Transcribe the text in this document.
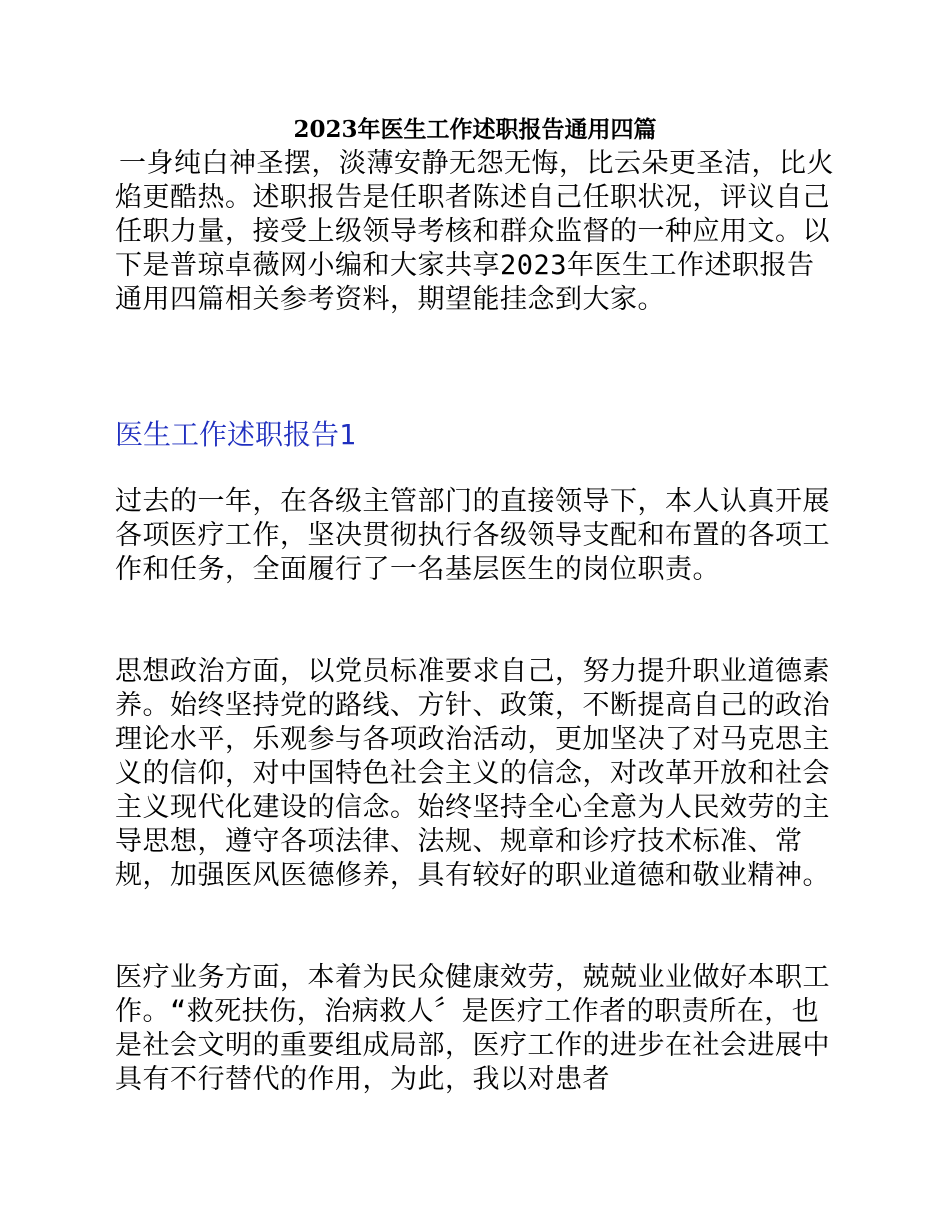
2023年医生工作述职报告通用四篇

一身纯白神圣摆，淡薄安静无怨无悔，比云朵更圣洁，比火焰更酷热。述职报告是任职者陈述自己任职状况，评议自己任职力量，接受上级领导考核和群众监督的一种应用文。以下是普琼卓薇网小编和大家共享2023年医生工作述职报告通用四篇相关参考资料，期望能挂念到大家。

医生工作述职报告1

过去的一年，在各级主管部门的直接领导下，本人认真开展各项医疗工作，坚决贯彻执行各级领导支配和布置的各项工作和任务，全面履行了一名基层医生的岗位职责。

思想政治方面，以党员标准要求自己，努力提升职业道德素养。始终坚持党的路线、方针、政策，不断提高自己的政治理论水平，乐观参与各项政治活动，更加坚决了对马克思主义的信仰，对中国特色社会主义的信念，对改革开放和社会主义现代化建设的信念。始终坚持全心全意为人民效劳的主导思想，遵守各项法律、法规、规章和诊疗技术标准、常规，加强医风医德修养，具有较好的职业道德和敬业精神。

医疗业务方面，本着为民众健康效劳，兢兢业业做好本职工作。“救死扶伤，治病救人〞是医疗工作者的职责所在，也是社会文明的重要组成局部，医疗工作的进步在社会进展中具有不行替代的作用，为此，我以对患者
